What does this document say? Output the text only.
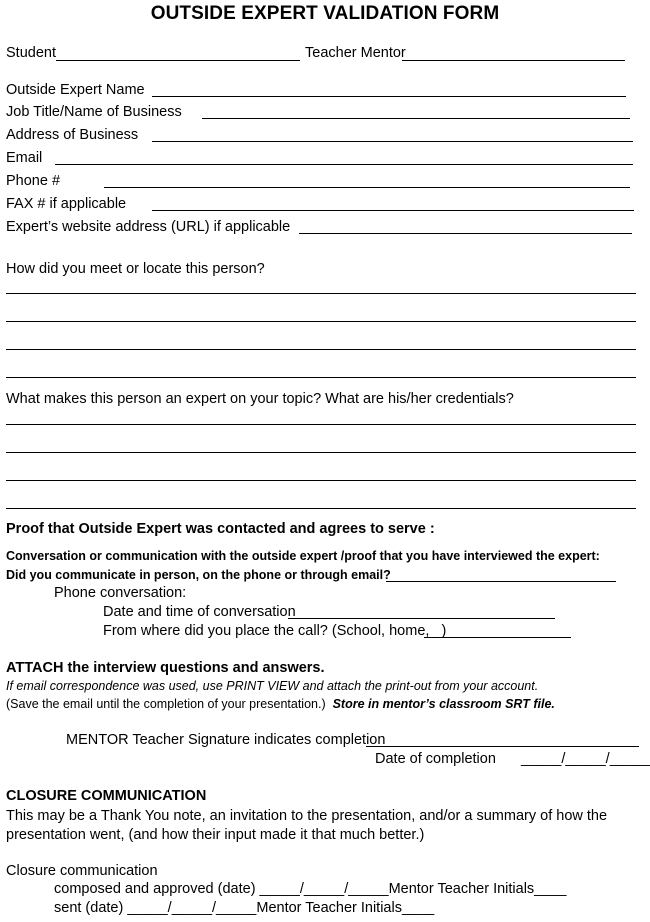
OUTSIDE EXPERT VALIDATION FORM
Student	Teacher Mentor
Outside Expert Name
Job Title/Name of Business
Address of Business
Email
Phone #
FAX # if applicable
Expert’s website address (URL) if applicable
How did you meet or locate this person?
What makes this person an expert on your topic? What are his/her credentials?
Proof that Outside Expert was contacted and agrees to serve :
Conversation or communication with the outside expert /proof that you have interviewed the expert:
Did you communicate in person, on the phone or through email?
Phone conversation:
Date and time of conversation
From where did you place the call? (School, home, _)
ATTACH the interview questions and answers.
If email correspondence was used, use PRINT VIEW and attach the print-out from your account.
(Save the email until the completion of your presentation.) Store in mentor’s classroom SRT file.
MENTOR Teacher Signature indicates completion
Date of completion _____/_____/_____
CLOSURE COMMUNICATION
This may be a Thank You note, an invitation to the presentation, and/or a summary of how the presentation went, (and how their input made it that much better.)
Closure communication
composed and approved (date) _____/_____/_____Mentor Teacher Initials____
sent (date) _____/_____/_____Mentor Teacher Initials____
